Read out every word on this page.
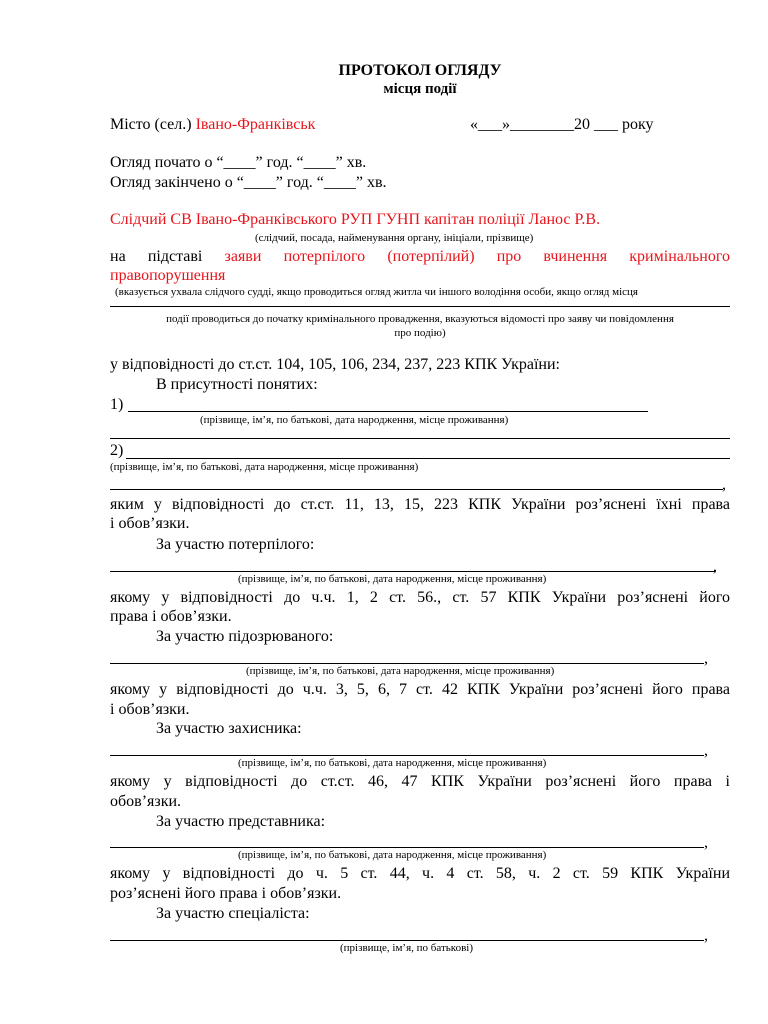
ПРОТОКОЛ ОГЛЯДУ
місця події
Місто (сел.) Івано-Франківськ	«___»________20 ___ року
Огляд почато о “____” год. “____” хв.
Огляд закінчено о “____” год. “____” хв.
Слідчий СВ Івано-Франківського РУП ГУНП капітан поліції Ланос Р.В.
(слідчий, посада, найменування органу, ініціали, прізвище)
на підставі заяви потерпілого (потерпілий) про вчинення кримінального
правопорушення
(вказується ухвала слідчого судді, якщо проводиться огляд житла чи іншого володіння особи, якщо огляд місця
події проводиться до початку кримінального провадження, вказуються відомості про заяву чи повідомлення
про подію)
у відповідності до ст.ст. 104, 105, 106, 234, 237, 223 КПК України:
В присутності понятих:
1)
(прізвище, ім’я, по батькові, дата народження, місце проживання)
2)
(прізвище, ім’я, по батькові, дата народження, місце проживання)
,
яким у відповідності до ст.ст. 11, 13, 15, 223 КПК України роз’яснені їхні права
і обов’язки.
За участю потерпілого:
,
(прізвище, ім’я, по батькові, дата народження, місце проживання)
якому у відповідності до ч.ч. 1, 2 ст. 56., ст. 57 КПК України роз’яснені його
права і обов’язки.
За участю підозрюваного:
,
(прізвище, ім’я, по батькові, дата народження, місце проживання)
якому у відповідності до ч.ч. 3, 5, 6, 7 ст. 42 КПК України роз’яснені його права
і обов’язки.
За участю захисника:
,
(прізвище, ім’я, по батькові, дата народження, місце проживання)
якому у відповідності до ст.ст. 46, 47 КПК України роз’яснені його права і
обов’язки.
За участю представника:
,
(прізвище, ім’я, по батькові, дата народження, місце проживання)
якому у відповідності до ч. 5 ст. 44, ч. 4 ст. 58, ч. 2 ст. 59 КПК України
роз’яснені його права і обов’язки.
За участю спеціаліста:
,
(прізвище, ім’я, по батькові)
